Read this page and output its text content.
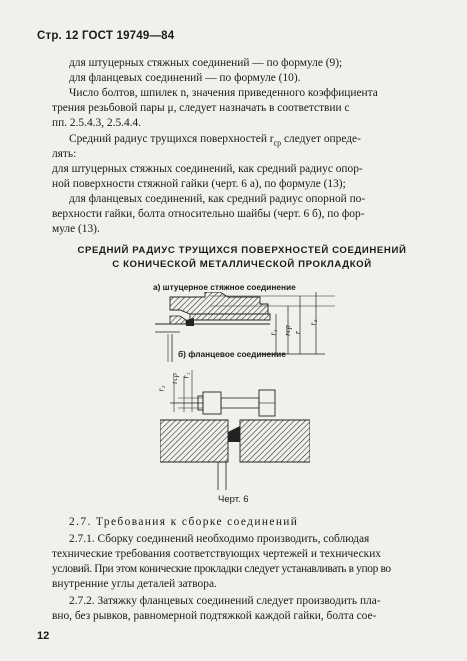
Стр. 12 ГОСТ 19749—84
для штуцерных стяжных соединений — по формуле (9);
для фланцевых соединений — по формуле (10).
Число болтов, шпилек n, значения приведенного коэффициента
трения резьбовой пары μ, следует назначать в соответствии с
пп. 2.5.4.3, 2.5.4.4.
Средний радиус трущихся поверхностей $r_{ср}$ следует опреде-
лять:
для штуцерных стяжных соединений, как средний радиус опор-
ной поверхности стяжной гайки (черт. 6 а), по формуле (13);
для фланцевых соединений, как средний радиус опорной по-
верхности гайки, болта относительно шайбы (черт. 6 б), по фор-
муле (13).
СРЕДНИЙ РАДИУС ТРУЩИХСЯ ПОВЕРХНОСТЕЙ СОЕДИНЕНИЙ
С КОНИЧЕСКОЙ МЕТАЛЛИЧЕСКОЙ ПРОКЛАДКОЙ
а) штуцерное стяжное соединение
r₁ rср r
r₂
б) фланцевое соединение
r₂
rср r₁
Черт. 6
2.7. Требования к сборке соединений
2.7.1. Сборку соединений необходимо производить, соблюдая
технические требования соответствующих чертежей и технических
условий. При этом конические прокладки следует устанавливать в упор во
внутренние углы деталей затвора.
2.7.2. Затяжку фланцевых соединений следует производить пла-
вно, без рывков, равномерной подтяжкой каждой гайки, болта сое-
12
